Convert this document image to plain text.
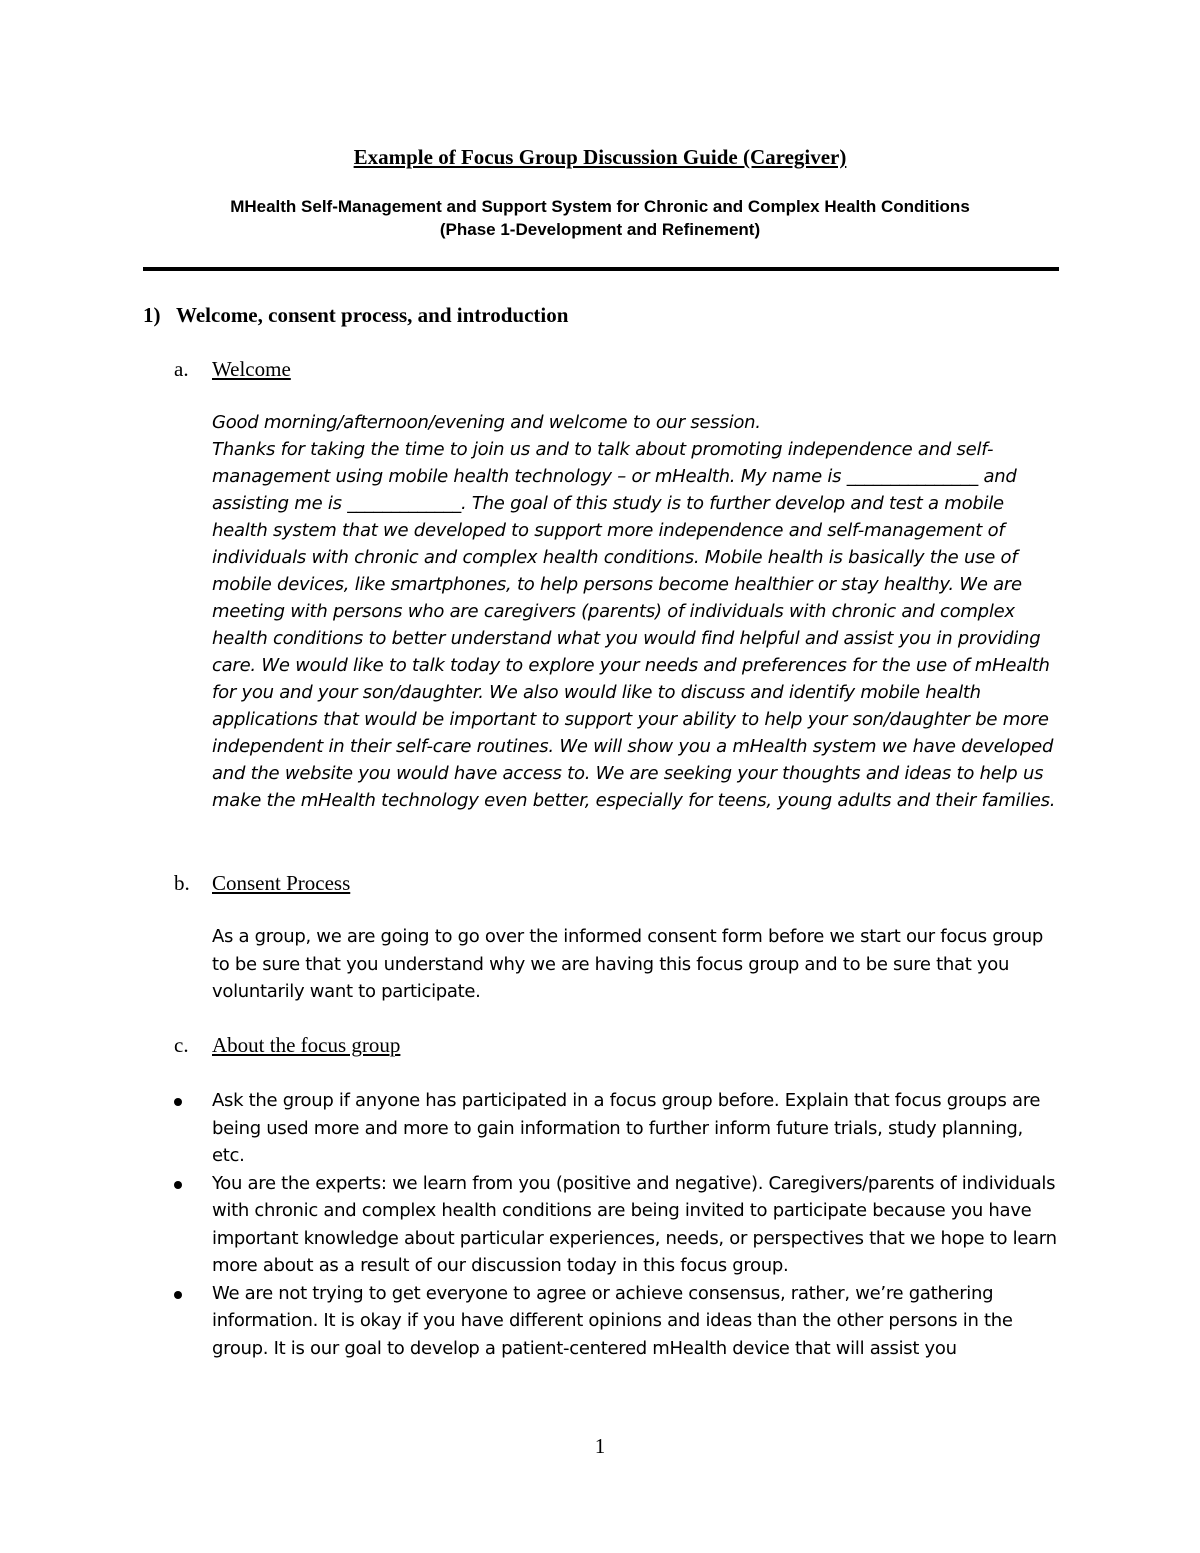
Example of Focus Group Discussion Guide (Caregiver)
MHealth Self-Management and Support System for Chronic and Complex Health Conditions
(Phase 1-Development and Refinement)
1) Welcome, consent process, and introduction
a. Welcome

Good morning/afternoon/evening and welcome to our session.

Thanks for taking the time to join us and to talk about promoting independence and self-management using mobile health technology – or mHealth. My name is _______________ and assisting me is _____________. The goal of this study is to further develop and test a mobile health system that we developed to support more independence and self-management of individuals with chronic and complex health conditions. Mobile health is basically the use of mobile devices, like smartphones, to help persons become healthier or stay healthy. We are meeting with persons who are caregivers (parents) of individuals with chronic and complex health conditions to better understand what you would find helpful and assist you in providing care. We would like to talk today to explore your needs and preferences for the use of mHealth for you and your son/daughter. We also would like to discuss and identify mobile health applications that would be important to support your ability to help your son/daughter be more independent in their self-care routines. We will show you a mHealth system we have developed and the website you would have access to. We are seeking your thoughts and ideas to help us make the mHealth technology even better, especially for teens, young adults and their families.

b. Consent Process
As a group, we are going to go over the informed consent form before we start our focus group to be sure that you understand why we are having this focus group and to be sure that you voluntarily want to participate.
c. About the focus group
Ask the group if anyone has participated in a focus group before. Explain that focus groups are being used more and more to gain information to further inform future trials, study planning, etc.
You are the experts: we learn from you (positive and negative). Caregivers/parents of individuals with chronic and complex health conditions are being invited to participate because you have important knowledge about particular experiences, needs, or perspectives that we hope to learn more about as a result of our discussion today in this focus group.
We are not trying to get everyone to agree or achieve consensus, rather, we’re gathering information. It is okay if you have different opinions and ideas than the other persons in the group. It is our goal to develop a patient-centered mHealth device that will assist you
1
